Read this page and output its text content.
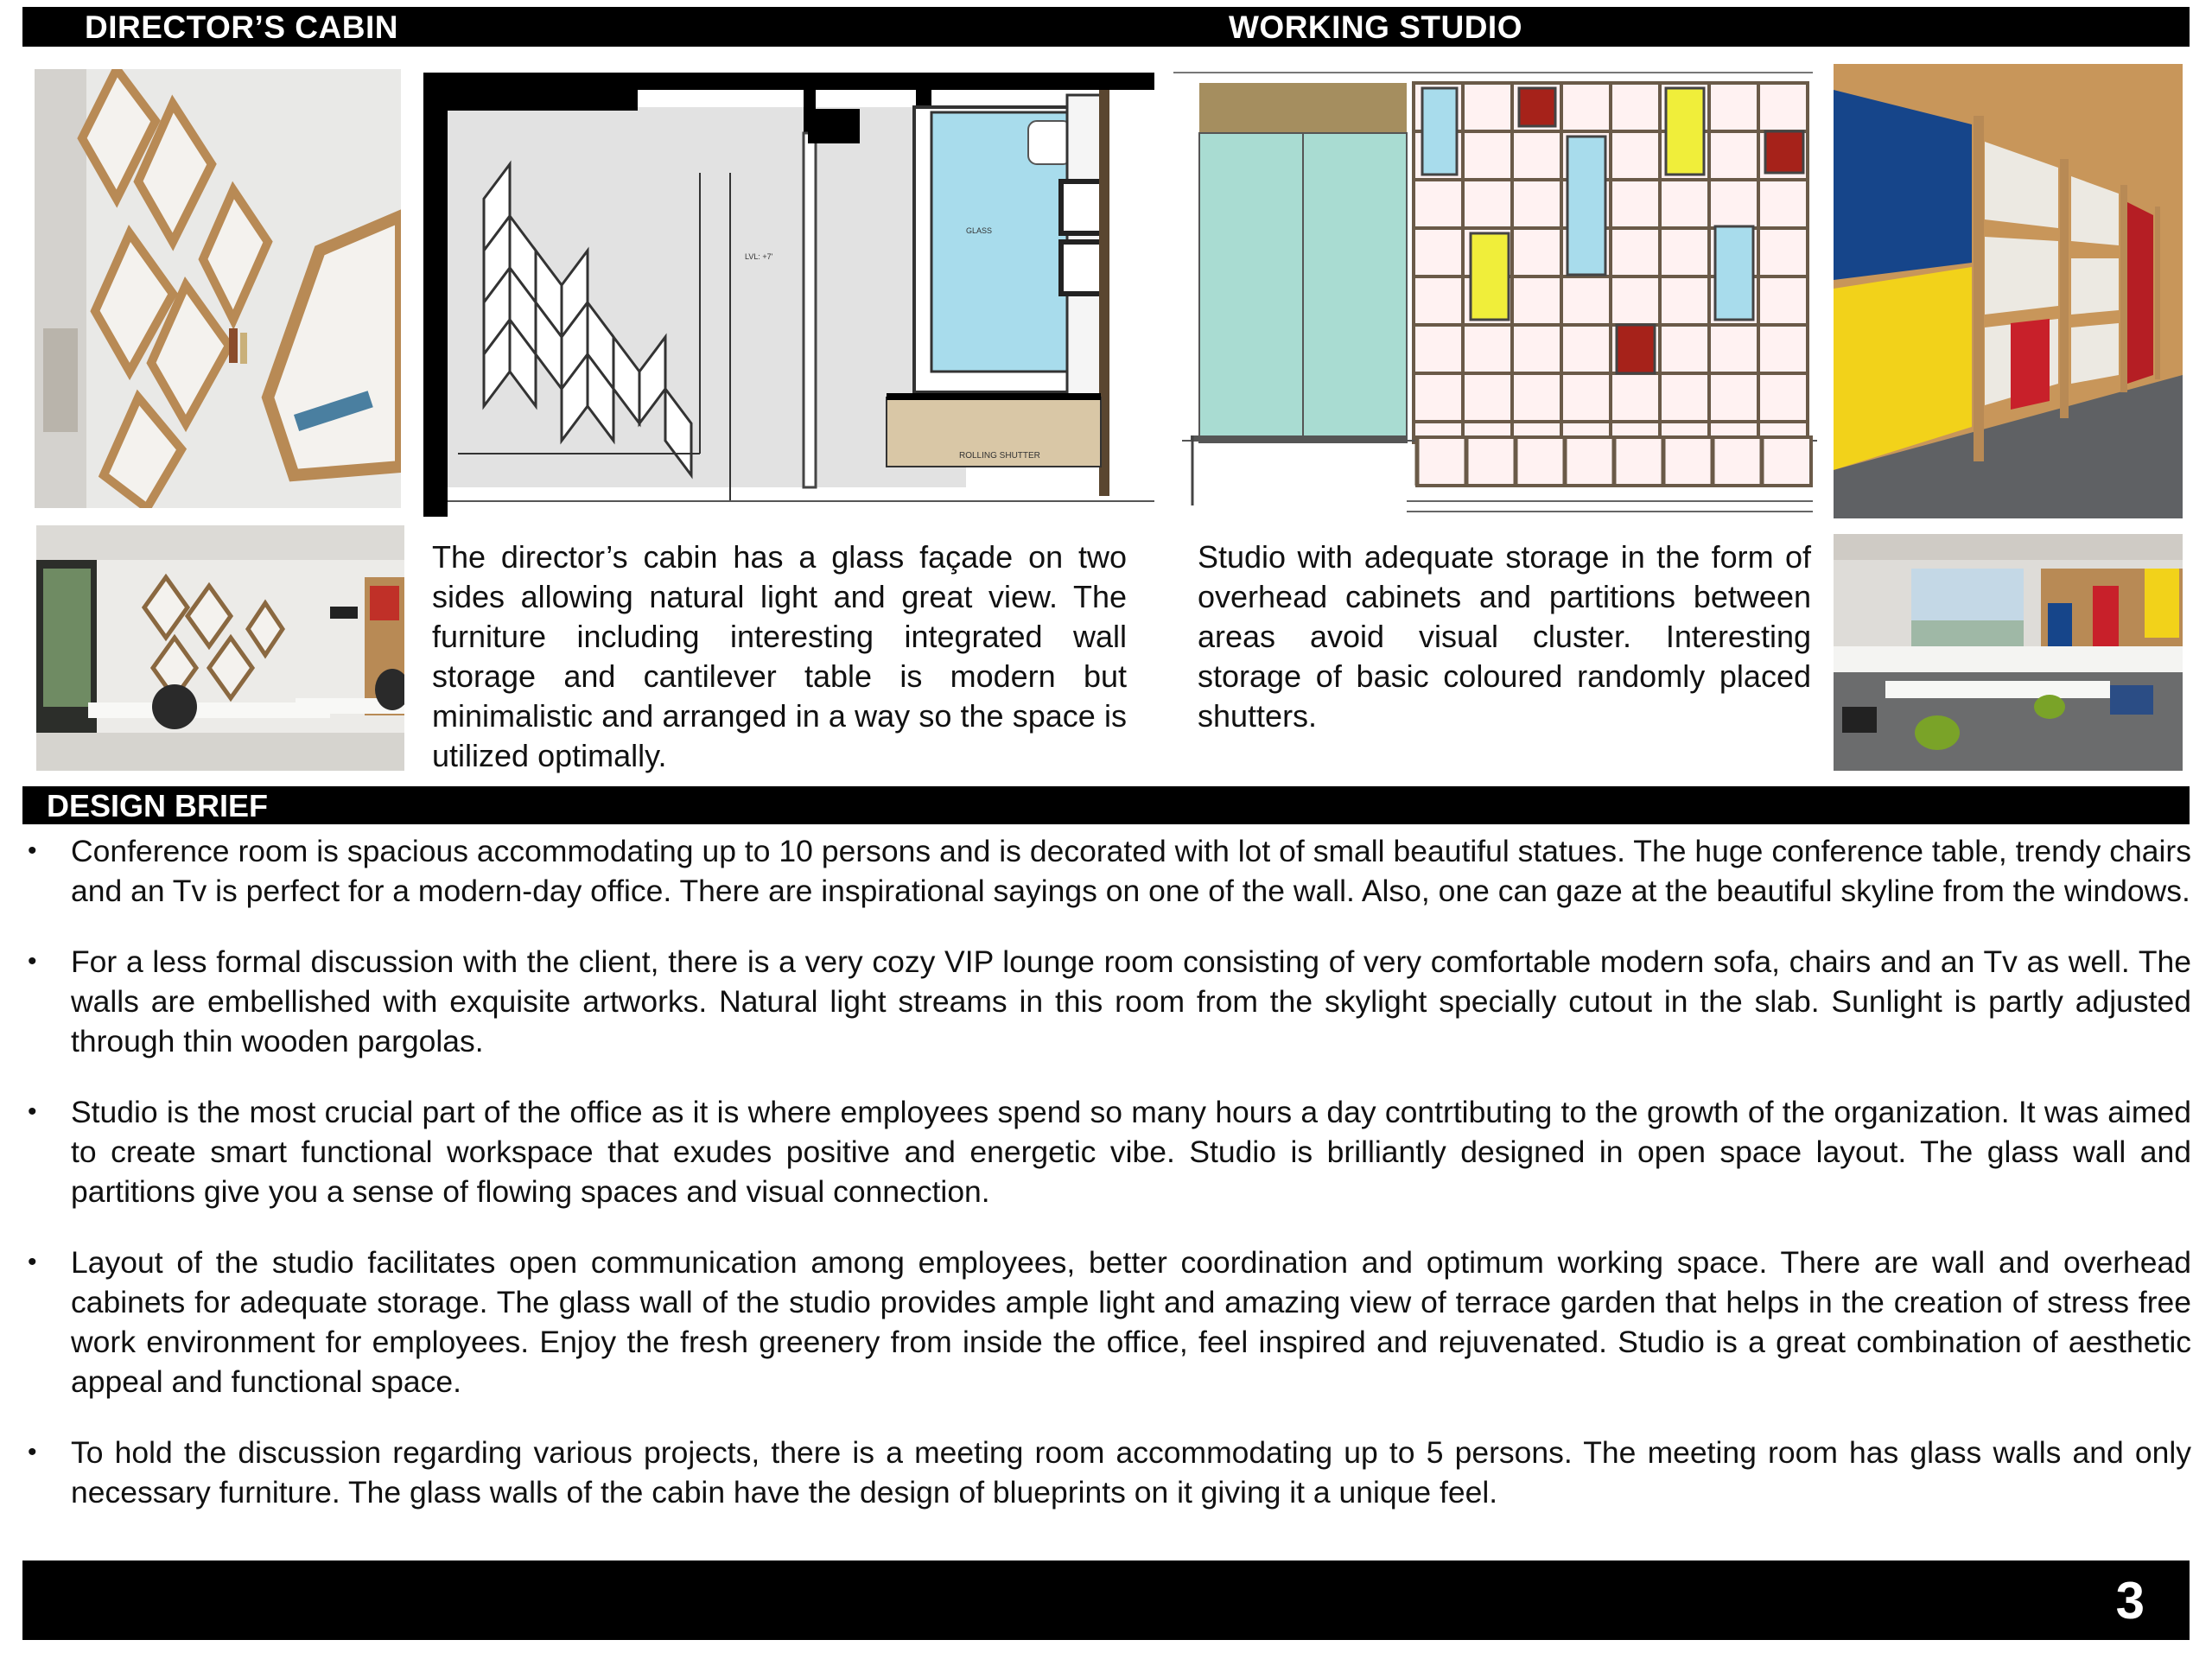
DIRECTOR’S CABIN	WORKING STUDIO
ROLLING SHUTTER
GLASS
LVL: +7'
The director’s cabin has a glass façade on two sides allowing natural light and great view. The furniture including interesting integrated wall storage and cantilever table is modern but minimalistic and arranged in a way so the space is utilized optimally.
Studio with adequate storage in the form of overhead cabinets and partitions between areas avoid visual cluster. Interesting storage of basic coloured randomly placed shutters.
DESIGN BRIEF
• Conference room is spacious accommodating up to 10 persons and is decorated with lot of small beautiful statues. The huge conference table, trendy chairs and an Tv is perfect for a modern-day office. There are inspirational sayings on one of the wall. Also, one can gaze at the beautiful skyline from the windows.
• For a less formal discussion with the client, there is a very cozy VIP lounge room consisting of very comfortable modern sofa, chairs and an Tv as well. The walls are embellished with exquisite artworks. Natural light streams in this room from the skylight specially cutout in the slab. Sunlight is partly adjusted through thin wooden pargolas.
• Studio is the most crucial part of the office as it is where employees spend so many hours a day contrtibuting to the growth of the organization. It was aimed to create smart functional workspace that exudes positive and energetic vibe. Studio is brilliantly designed in open space layout. The glass wall and partitions give you a sense of flowing spaces and visual connection.
• Layout of the studio facilitates open communication among employees, better coordination and optimum working space. There are wall and overhead cabinets for adequate storage. The glass wall of the studio provides ample light and amazing view of terrace garden that helps in the creation of stress free work environment for employees. Enjoy the fresh greenery from inside the office, feel inspired and rejuvenated. Studio is a great combination of aesthetic appeal and functional space.
• To hold the discussion regarding various projects, there is a meeting room accommodating up to 5 persons. The meeting room has glass walls and only necessary furniture. The glass walls of the cabin have the design of blueprints on it giving it a unique feel.
3
